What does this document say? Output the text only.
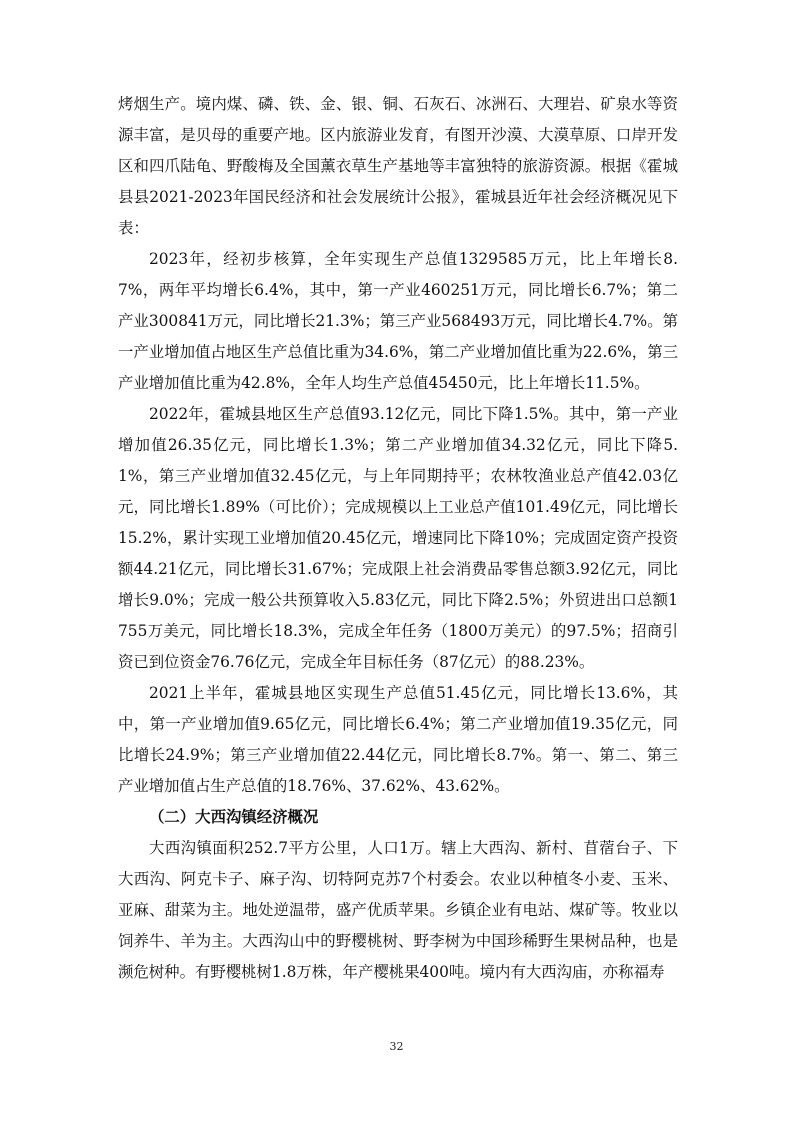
烤烟生产。境内煤、磷、铁、金、银、铜、石灰石、冰洲石、大理岩、矿泉水等资源丰富，是贝母的重要产地。区内旅游业发育，有图开沙漠、大漠草原、口岸开发区和四爪陆龟、野酸梅及全国薰衣草生产基地等丰富独特的旅游资源。根据《霍城县县2021-2023年国民经济和社会发展统计公报》，霍城县近年社会经济概况见下表：

2023年，经初步核算，全年实现生产总值1329585万元，比上年增长8.7%，两年平均增长6.4%，其中，第一产业460251万元，同比增长6.7%；第二产业300841万元，同比增长21.3%；第三产业568493万元，同比增长4.7%。第一产业增加值占地区生产总值比重为34.6%，第二产业增加值比重为22.6%，第三产业增加值比重为42.8%，全年人均生产总值45450元，比上年增长11.5%。

2022年，霍城县地区生产总值93.12亿元，同比下降1.5%。其中，第一产业增加值26.35亿元，同比增长1.3%；第二产业增加值34.32亿元，同比下降5.1%，第三产业增加值32.45亿元，与上年同期持平；农林牧渔业总产值42.03亿元，同比增长1.89%（可比价）；完成规模以上工业总产值101.49亿元，同比增长15.2%，累计实现工业增加值20.45亿元，增速同比下降10%；完成固定资产投资额44.21亿元，同比增长31.67%；完成限上社会消费品零售总额3.92亿元，同比增长9.0%；完成一般公共预算收入5.83亿元，同比下降2.5%；外贸进出口总额1755万美元，同比增长18.3%，完成全年任务（1800万美元）的97.5%；招商引资已到位资金76.76亿元，完成全年目标任务（87亿元）的88.23%。

2021上半年，霍城县地区实现生产总值51.45亿元，同比增长13.6%，其中，第一产业增加值9.65亿元，同比增长6.4%；第二产业增加值19.35亿元，同比增长24.9%；第三产业增加值22.44亿元，同比增长8.7%。第一、第二、第三产业增加值占生产总值的18.76%、37.62%、43.62%。

（二）大西沟镇经济概况

大西沟镇面积252.7平方公里，人口1万。辖上大西沟、新村、苜蓿台子、下大西沟、阿克卡子、麻子沟、切特阿克苏7个村委会。农业以种植冬小麦、玉米、亚麻、甜菜为主。地处逆温带，盛产优质苹果。乡镇企业有电站、煤矿等。牧业以饲养牛、羊为主。大西沟山中的野樱桃树、野李树为中国珍稀野生果树品种，也是濒危树种。有野樱桃树1.8万株，年产樱桃果400吨。境内有大西沟庙，亦称福寿

32
